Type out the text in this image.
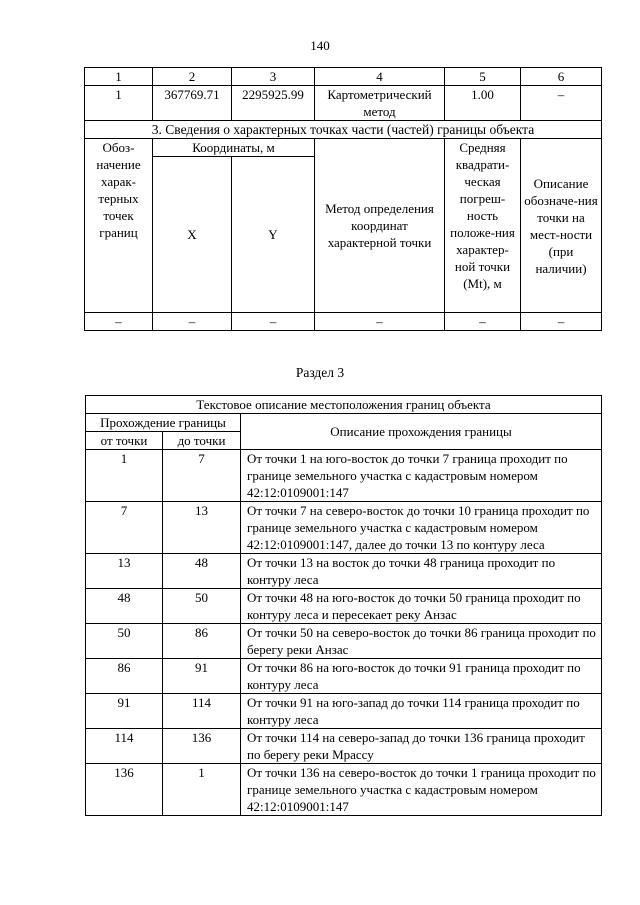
140
1	2	3	4	5	6
1	367769.71	2295925.99	Картометрический метод	1.00	–
3. Сведения о характерных точках части (частей) границы объекта					
Обоз-начение харак-терных точек границ	Координаты, м		Метод определения координат характерной точки	Средняя квадрати-ческая погреш-ность положе-ния характер-ной точки (Mt), м	Описание обозначе-ния точки на мест-ности (при наличии)
	X	Y			
–	–	–	–	–	–
Раздел 3
Текстовое описание местоположения границ объекта		
Прохождение границы		Описание прохождения границы
от точки	до точки	
1	7	От точки 1 на юго-восток до точки 7 граница проходит по границе земельного участка с кадастровым номером 42:12:0109001:147
7	13	От точки 7 на северо-восток до точки 10 граница проходит по границе земельного участка с кадастровым номером 42:12:0109001:147, далее до точки 13 по контуру леса
13	48	От точки 13 на восток до точки 48 граница проходит по контуру леса
48	50	От точки 48 на юго-восток до точки 50 граница проходит по контуру леса и пересекает реку Анзас
50	86	От точки 50 на северо-восток до точки 86 граница проходит по берегу реки Анзас
86	91	От точки 86 на юго-восток до точки 91 граница проходит по контуру леса
91	114	От точки 91 на юго-запад до точки 114 граница проходит по контуру леса
114	136	От точки 114 на северо-запад до точки 136 граница проходит по берегу реки Мрассу
136	1	От точки 136 на северо-восток до точки 1 граница проходит по границе земельного участка с кадастровым номером 42:12:0109001:147
